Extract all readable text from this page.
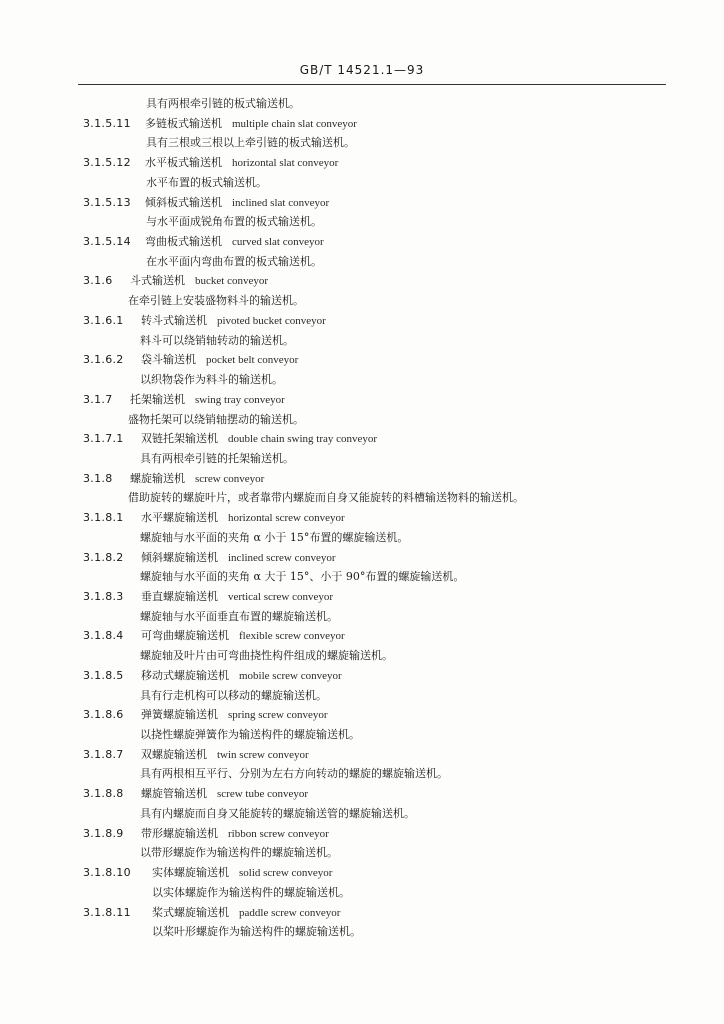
GB/T 14521.1—93
具有两根牵引链的板式输送机。
3.1.5.11 多链板式输送机 multiple chain slat conveyor
具有三根或三根以上牵引链的板式输送机。
3.1.5.12 水平板式输送机 horizontal slat conveyor
水平布置的板式输送机。
3.1.5.13 倾斜板式输送机 inclined slat conveyor
与水平面成锐角布置的板式输送机。
3.1.5.14 弯曲板式输送机 curved slat conveyor
在水平面内弯曲布置的板式输送机。
3.1.6 斗式输送机 bucket conveyor
在牵引链上安装盛物料斗的输送机。
3.1.6.1 转斗式输送机 pivoted bucket conveyor
料斗可以绕销轴转动的输送机。
3.1.6.2 袋斗输送机 pocket belt conveyor
以织物袋作为料斗的输送机。
3.1.7 托架输送机 swing tray conveyor
盛物托架可以绕销轴摆动的输送机。
3.1.7.1 双链托架输送机 double chain swing tray conveyor
具有两根牵引链的托架输送机。
3.1.8 螺旋输送机 screw conveyor
借助旋转的螺旋叶片，或者靠带内螺旋而自身又能旋转的料槽输送物料的输送机。
3.1.8.1 水平螺旋输送机 horizontal screw conveyor
螺旋轴与水平面的夹角 α 小于 15°布置的螺旋输送机。
3.1.8.2 倾斜螺旋输送机 inclined screw conveyor
螺旋轴与水平面的夹角 α 大于 15°、小于 90°布置的螺旋输送机。
3.1.8.3 垂直螺旋输送机 vertical screw conveyor
螺旋轴与水平面垂直布置的螺旋输送机。
3.1.8.4 可弯曲螺旋输送机 flexible screw conveyor
螺旋轴及叶片由可弯曲挠性构件组成的螺旋输送机。
3.1.8.5 移动式螺旋输送机 mobile screw conveyor
具有行走机构可以移动的螺旋输送机。
3.1.8.6 弹簧螺旋输送机 spring screw conveyor
以挠性螺旋弹簧作为输送构件的螺旋输送机。
3.1.8.7 双螺旋输送机 twin screw conveyor
具有两根相互平行、分别为左右方向转动的螺旋的螺旋输送机。
3.1.8.8 螺旋管输送机 screw tube conveyor
具有内螺旋而自身又能旋转的螺旋输送管的螺旋输送机。
3.1.8.9 带形螺旋输送机 ribbon screw conveyor
以带形螺旋作为输送构件的螺旋输送机。
3.1.8.10 实体螺旋输送机 solid screw conveyor
以实体螺旋作为输送构件的螺旋输送机。
3.1.8.11 桨式螺旋输送机 paddle screw conveyor
以桨叶形螺旋作为输送构件的螺旋输送机。
